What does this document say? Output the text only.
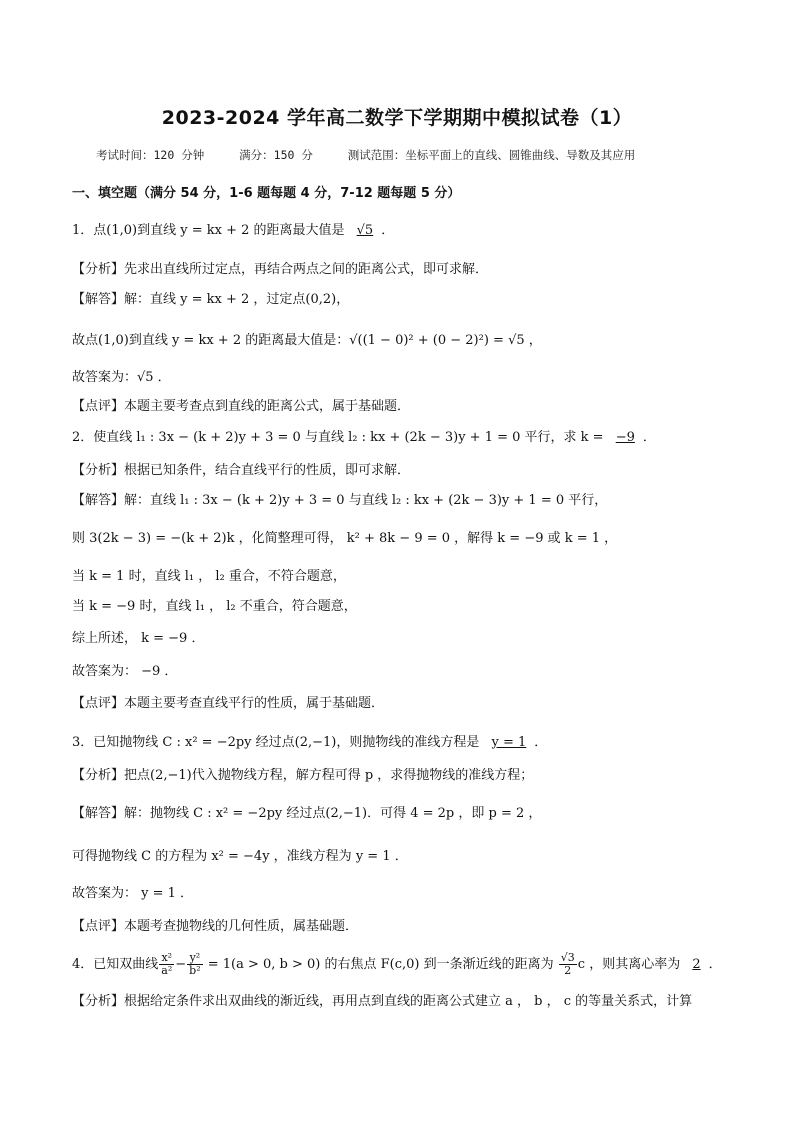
2023-2024 学年高二数学下学期期中模拟试卷（1）
考试时间：120 分钟	满分：150 分	测试范围：坐标平面上的直线、圆锥曲线、导数及其应用
一、填空题（满分 54 分，1-6 题每题 4 分，7-12 题每题 5 分）
1．点(1,0)到直线 y = kx + 2 的距离最大值是 √5 ．
【分析】先求出直线所过定点，再结合两点之间的距离公式，即可求解．
【解答】解：直线 y = kx + 2 ，过定点(0,2)，
故点(1,0)到直线 y = kx + 2 的距离最大值是：√((1 − 0)² + (0 − 2)²) = √5 ，
故答案为：√5 ．
【点评】本题主要考查点到直线的距离公式，属于基础题．
2．使直线 l₁ : 3x − (k + 2)y + 3 = 0 与直线 l₂ : kx + (2k − 3)y + 1 = 0 平行，求 k = −9 ．
【分析】根据已知条件，结合直线平行的性质，即可求解．
【解答】解：直线 l₁ : 3x − (k + 2)y + 3 = 0 与直线 l₂ : kx + (2k − 3)y + 1 = 0 平行，
则 3(2k − 3) = −(k + 2)k ，化简整理可得， k² + 8k − 9 = 0 ，解得 k = −9 或 k = 1 ，
当 k = 1 时，直线 l₁ ， l₂ 重合，不符合题意，
当 k = −9 时，直线 l₁ ， l₂ 不重合，符合题意，
综上所述， k = −9 ．
故答案为： −9 ．
【点评】本题主要考查直线平行的性质，属于基础题．
3．已知抛物线 C : x² = −2py 经过点(2,−1)，则抛物线的准线方程是 y = 1 ．
【分析】把点(2,−1)代入抛物线方程，解方程可得 p ，求得抛物线的准线方程；
【解答】解：抛物线 C : x² = −2py 经过点(2,−1)．可得 4 = 2p ，即 p = 2 ，
可得抛物线 C 的方程为 x² = −4y ，准线方程为 y = 1 ．
故答案为： y = 1 ．
【点评】本题考查抛物线的几何性质，属基础题．
4．已知双曲线 $\frac{\text{x²}}{\text{a²}} - \frac{\text{y²}}{\text{b²}} = 1(a > 0$, b > 0) 的右焦点 F(c,0) 到一条渐近线的距离为 $\frac{√3}{2}$ c ，则其离心率为 2 ．
【分析】根据给定条件求出双曲线的渐近线，再用点到直线的距离公式建立 a ， b ， c 的等量关系式，计算
